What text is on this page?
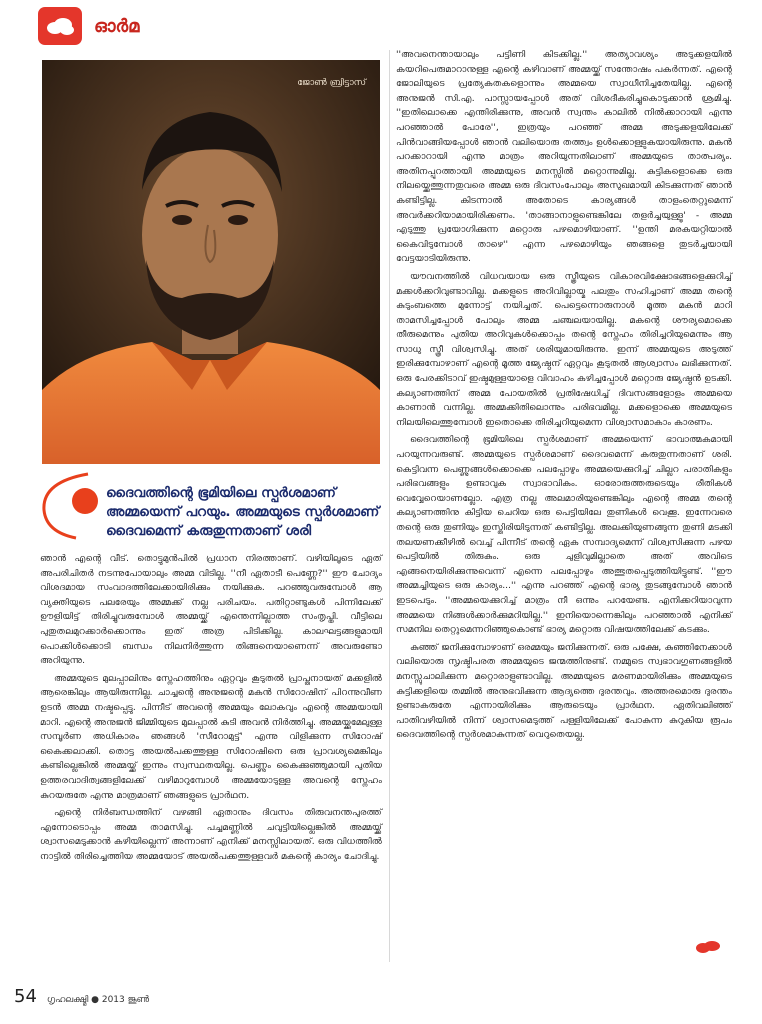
ഓർമ
ജോൺ ബ്രിട്ടാസ്
ദൈവത്തിന്റെ ഭൂമിയിലെ സ്പർശമാണ് അമ്മയെന്ന് പറയും. അമ്മയുടെ സ്പർശമാണ് ദൈവമെന്ന് കരുതുന്നതാണ് ശരി

ഞാൻ എന്റെ വീട്. തൊട്ടുമുൻപിൽ പ്രധാന നിരത്താണ്. വഴിയിലൂടെ ഏത് അപരിചിതർ നടന്നുപോയാലും അമ്മ വിടില്ല. ''നീ ഏതാടീ പെണ്ണേ?'' ഈ ചോദ്യം വിശദമായ സംവാദത്തിലേക്കായിരിക്കും നയിക്കുക. പറഞ്ഞുവരുമ്പോൾ ആ വ്യക്തിയുടെ പലരേയും അമ്മക്ക് നല്ല പരിചയം. പതിറ്റാണ്ടുകൾ പിന്നിലേക്ക് ഊളിയിട്ട് തിരിച്ചുവരുമ്പോൾ അമ്മയ്ക്ക് എന്തെന്നില്ലാത്ത സംതൃപ്തി. വീട്ടിലെ പുതുതലമുറക്കാർക്കൊന്നും ഇത് അത്ര പിടിക്കില്ല. കാലഘട്ടങ്ങളുമായി പൊക്കിൾക്കൊടി ബന്ധം നിലനിർത്തുന്ന തിങ്ങനെയാണെന്ന് അവരുണ്ടോ അറിയുന്നു.

അമ്മയുടെ മുലപ്പാലിനും സ്നേഹത്തിനും ഏറ്റവും കൂടുതൽ പ്രാപ്തനായത് മക്കളിൽ ആരെങ്കിലും ആയിരുന്നില്ല. ചാച്ചന്റെ അനുജന്റെ മകൻ സിറോഷിന് പിറന്നുവീണ ഉടൻ അമ്മ നഷ്ടപ്പെട്ടു. പിന്നീട് അവന്റെ അമ്മയും ലോകവും എന്റെ അമ്മയായി മാറി. എന്റെ അനുജൻ ജിമ്മിയുടെ മുലപ്പാൽ കുടി അവൻ നിർത്തിച്ചു. അമ്മയ്ക്കുമേലുള്ള സമ്പൂർണ അധികാരം ഞങ്ങൾ 'സീറോമുട്ട്' എന്നു വിളിക്കുന്ന സിറോഷ് കൈക്കലാക്കി. തൊട്ട അയൽപക്കത്തുള്ള സിറോഷിനെ ഒരു പ്രാവശ്യമെങ്കിലും കണ്ടില്ലെങ്കിൽ അമ്മയ്ക്ക് ഇന്നും സ്വസ്ഥതയില്ല. പെണ്ണും കൈക്കുഞ്ഞുമായി പുതിയ ഉത്തരവാദിത്വങ്ങളിലേക്ക് വഴിമാറുമ്പോൾ അമ്മയോടുള്ള അവന്റെ സ്നേഹം കുറയരുതേ എന്നു മാത്രമാണ് ഞങ്ങളുടെ പ്രാർഥന.

എന്റെ നിർബന്ധത്തിന് വഴങ്ങി ഏതാനും ദിവസം തിരുവനന്തപുരത്ത് എന്നോടൊപ്പം അമ്മ താമസിച്ചു. പച്ചമണ്ണിൽ ചവുട്ടിയില്ലെങ്കിൽ അമ്മയ്ക്ക് ശ്വാസമെടുക്കാൻ കഴിയില്ലെന്ന് അന്നാണ് എനിക്ക് മനസ്സിലായത്. ഒരു വിധത്തിൽ നാട്ടിൽ തിരിച്ചെത്തിയ അമ്മയോട് അയൽപക്കത്തുള്ളവർ മകന്റെ കാര്യം ചോദിച്ചു.

''അവനെന്തായാലും പട്ടിണി കിടക്കില്ല.'' അത്യാവശ്യം അടുക്കളയിൽ കയറിപെരുമാറാനുള്ള എന്റെ കഴിവാണ് അമ്മയ്ക്ക് സന്തോഷം പകർന്നത്. എന്റെ ജോലിയുടെ പ്രത്യേകതകളൊന്നും അമ്മയെ സ്വാധീനിച്ചതേയില്ല. എന്റെ അനുജൻ സി.എ. പാസ്സായപ്പോൾ അത് വിശദീകരിച്ചുകൊടുക്കാൻ ശ്രമിച്ചു. ''ഇതിലൊക്കെ എന്തിരിക്കുന്നു, അവൻ സ്വന്തം കാലിൽ നിൽക്കാറായി എന്നു പറഞ്ഞാൽ പോരേ'', ഇത്രയും പറഞ്ഞ് അമ്മ അടുക്കളയിലേക്ക് പിൻവാങ്ങിയപ്പോൾ ഞാൻ വലിയൊരു തത്ത്വം ഉൾക്കൊള്ളുകയായിരുന്നു. മകൻ പറക്കാറായി എന്നു മാത്രം അറിയുന്നതിലാണ് അമ്മയുടെ താത്പര്യം. അതിനപ്പുറത്തായി അമ്മയുടെ മനസ്സിൽ മറ്റൊന്നുമില്ല. കുട്ടികളൊക്കെ ഒരു നിലയ്ക്കെത്തുന്നതുവരെ അമ്മ ഒരു ദിവസംപോലും അസുഖമായി കിടക്കുന്നത് ഞാൻ കണ്ടിട്ടില്ല. കിടന്നാൽ അതോടെ കാര്യങ്ങൾ താളംതെറ്റുമെന്ന് അവർക്കറിയാമായിരിക്കണം. 'താങ്ങാനാളുണ്ടെങ്കിലേ തളർച്ചയുള്ളൂ' - അമ്മ എടുത്തു പ്രയോഗിക്കുന്ന മറ്റൊരു പഴമൊഴിയാണ്. ''ഉന്തി മരകയറ്റിയാൽ കൈവിടുമ്പോൾ താഴെ'' എന്ന പഴമൊഴിയും ഞങ്ങളെ തുടർച്ചയായി വേട്ടയാടിയിരുന്നു.

യൗവനത്തിൽ വിധവയായ ഒരു സ്ത്രീയുടെ വികാരവിക്ഷോഭങ്ങളെക്കുറിച്ച് മക്കൾക്കറിവുണ്ടാവില്ല. മക്കളുടെ അറിവില്ലായ്മ പലതും സഹിച്ചാണ് അമ്മ തന്റെ കുടുംബത്തെ മുന്നോട്ട് നയിച്ചത്. പെട്ടെന്നൊരുനാൾ മൂത്ത മകൻ മാറി താമസിച്ചപ്പോൾ പോലും അമ്മ ചഞ്ചലയായില്ല. മകന്റെ ശൗര്യമൊക്കെ തീരുമെന്നും പുതിയ അറിവുകൾക്കൊപ്പം തന്റെ സ്നേഹം തിരിച്ചറിയുമെന്നും ആ സാധു സ്ത്രീ വിശ്വസിച്ചു. അത് ശരിയുമായിരുന്നു. ഇന്ന് അമ്മയുടെ അടുത്ത് ഇരിക്കുമ്പോഴാണ് എന്റെ മൂത്ത ജ്യേഷ്ഠന് ഏറ്റവും കൂടുതൽ ആശ്വാസം ലഭിക്കുന്നത്. ഒരു പേരക്കിടാവ് ഇഷ്ടമുള്ളയാളെ വിവാഹം കഴിച്ചപ്പോൾ മറ്റൊരു ജ്യേഷ്ഠൻ ഉടക്കി. കല്യാണത്തിന് അമ്മ പോയതിൽ പ്രതിഷേധിച്ച് ദിവസങ്ങളോളം അമ്മയെ കാണാൻ വന്നില്ല. അമ്മക്കിതിലൊന്നും പരിഭവമില്ല. മക്കളൊക്കെ അമ്മയുടെ നിലയിലെത്തുമ്പോൾ ഇതൊക്കെ തിരിച്ചറിയുമെന്ന വിശ്വാസമാകാം കാരണം.

ദൈവത്തിന്റെ ഭൂമിയിലെ സ്പർശമാണ് അമ്മയെന്ന് ഭാവാത്മകമായി പറയുന്നവരുണ്ട്. അമ്മയുടെ സ്പർശമാണ് ദൈവമെന്ന് കരുതുന്നതാണ് ശരി. കെട്ടിവന്ന പെണ്ണുങ്ങൾക്കൊക്കെ പലപ്പോഴും അമ്മയെക്കുറിച്ച് ചില്ലറ പരാതികളും പരിഭവങ്ങളും ഉണ്ടാവുക സ്വാഭാവികം. ഓരോരുത്തരുടെയും രീതികൾ വെവ്വേറെയാണല്ലോ. എത്ര നല്ല അലമാരിയുണ്ടെങ്കിലും എന്റെ അമ്മ തന്റെ കല്യാണത്തിനു കിട്ടിയ ചെറിയ ഒരു പെട്ടിയിലേ തുണികൾ വെക്കൂ. ഇന്നേവരെ തന്റെ ഒരു തുണിയും ഇസ്തിരിയിടുന്നത് കണ്ടിട്ടില്ല. അലക്കിയുണങ്ങുന്ന തുണി മടക്കി തലയണക്കീഴിൽ വെച്ച് പിന്നീട് തന്റെ ഏക സമ്പാദ്യമെന്ന് വിശ്വസിക്കുന്ന പഴയ പെട്ടിയിൽ തിരുകും. ഒരു ചുളിവുമില്ലാതെ അത് അവിടെ എങ്ങനെയിരിക്കുന്നുവെന്ന് എന്നെ പലപ്പോഴും അത്ഭുതപ്പെടുത്തിയിട്ടുണ്ട്. ''ഈ അമ്മച്ചിയുടെ ഒരു കാര്യം...'' എന്നു പറഞ്ഞ് എന്റെ ഭാര്യ തുടങ്ങുമ്പോൾ ഞാൻ ഇടപെടും. ''അമ്മയെക്കുറിച്ച് മാത്രം നീ ഒന്നും പറയേണ്ട. എനിക്കറിയാവുന്ന അമ്മയെ നിങ്ങൾക്കാർക്കുമറിയില്ല.'' ഇനിയൊന്നെങ്കിലും പറഞ്ഞാൽ എനിക്ക് സമനില തെറ്റുമെന്നറിഞ്ഞുകൊണ്ട് ഭാര്യ മറ്റൊരു വിഷയത്തിലേക്ക് കടക്കും.

കുഞ്ഞ് ജനിക്കുമ്പോഴാണ് ഒരമ്മയും ജനിക്കുന്നത്. ഒരു പക്ഷേ, കുഞ്ഞിനേക്കാൾ വലിയൊരു സൃഷ്ടിപരത അമ്മയുടെ ജന്മത്തിനുണ്ട്. നമ്മുടെ സ്വഭാവഗുണങ്ങളിൽ മനസ്സുചാലിക്കുന്ന മറ്റൊരാളുണ്ടാവില്ല. അമ്മയുടെ മരണമായിരിക്കും അമ്മയുടെ കുട്ടിക്കളിയെ തമ്മിൽ അനുഭവിക്കുന്ന ആദ്യത്തെ ദുരന്തവും. അത്തരമൊരു ദുരന്തം ഉണ്ടാകരുതേ എന്നായിരിക്കും ആരുടെയും പ്രാർഥന. ഏതിവലിഞ്ഞ് പാതിവഴിയിൽ നിന്ന് ശ്വാസമെടുത്ത് പള്ളിയിലേക്ക് പോകുന്ന കുറുകിയ രൂപം ദൈവത്തിന്റെ സ്പർശമാകുന്നത് വെറുതെയല്ല.

54 ഗൃഹലക്ഷ്മി ● 2013 ജൂൺ
